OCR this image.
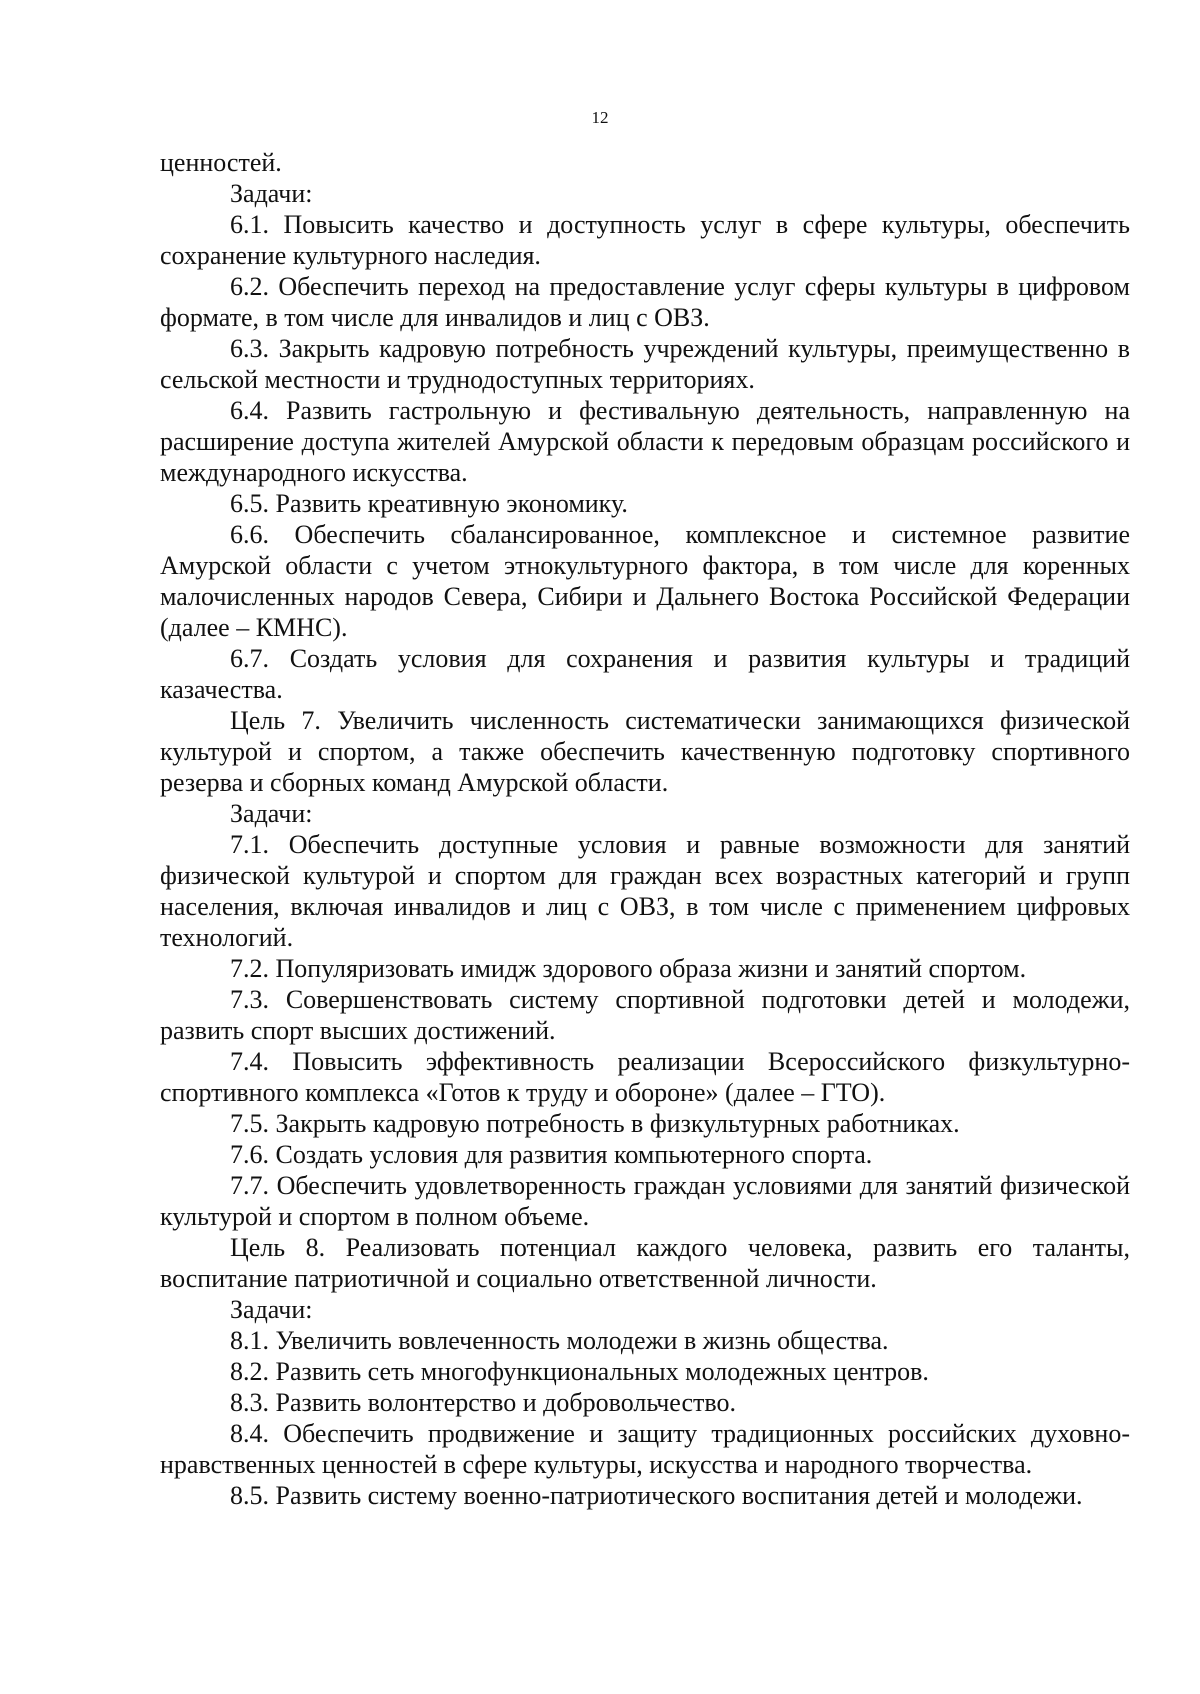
12

ценностей.

Задачи:

6.1. Повысить качество и доступность услуг в сфере культуры, обеспечить сохранение культурного наследия.

6.2. Обеспечить переход на предоставление услуг сферы культуры в цифровом формате, в том числе для инвалидов и лиц с ОВЗ.

6.3. Закрыть кадровую потребность учреждений культуры, преимущественно в сельской местности и труднодоступных территориях.

6.4. Развить гастрольную и фестивальную деятельность, направленную на расширение доступа жителей Амурской области к передовым образцам российского и международного искусства.

6.5. Развить креативную экономику.

6.6. Обеспечить сбалансированное, комплексное и системное развитие Амурской области с учетом этнокультурного фактора, в том числе для коренных малочисленных народов Севера, Сибири и Дальнего Востока Российской Федерации (далее – КМНС).

6.7. Создать условия для сохранения и развития культуры и традиций казачества.

Цель 7. Увеличить численность систематически занимающихся физической культурой и спортом, а также обеспечить качественную подготовку спортивного резерва и сборных команд Амурской области.

Задачи:

7.1. Обеспечить доступные условия и равные возможности для занятий физической культурой и спортом для граждан всех возрастных категорий и групп населения, включая инвалидов и лиц с ОВЗ, в том числе с применением цифровых технологий.

7.2. Популяризовать имидж здорового образа жизни и занятий спортом.

7.3. Совершенствовать систему спортивной подготовки детей и молодежи, развить спорт высших достижений.

7.4. Повысить эффективность реализации Всероссийского физкультурно-спортивного комплекса «Готов к труду и обороне» (далее – ГТО).

7.5. Закрыть кадровую потребность в физкультурных работниках.

7.6. Создать условия для развития компьютерного спорта.

7.7. Обеспечить удовлетворенность граждан условиями для занятий физической культурой и спортом в полном объеме.

Цель 8. Реализовать потенциал каждого человека, развить его таланты, воспитание патриотичной и социально ответственной личности.

Задачи:

8.1. Увеличить вовлеченность молодежи в жизнь общества.

8.2. Развить сеть многофункциональных молодежных центров.

8.3. Развить волонтерство и добровольчество.

8.4. Обеспечить продвижение и защиту традиционных российских духовно-нравственных ценностей в сфере культуры, искусства и народного творчества.

8.5. Развить систему военно-патриотического воспитания детей и молодежи.
